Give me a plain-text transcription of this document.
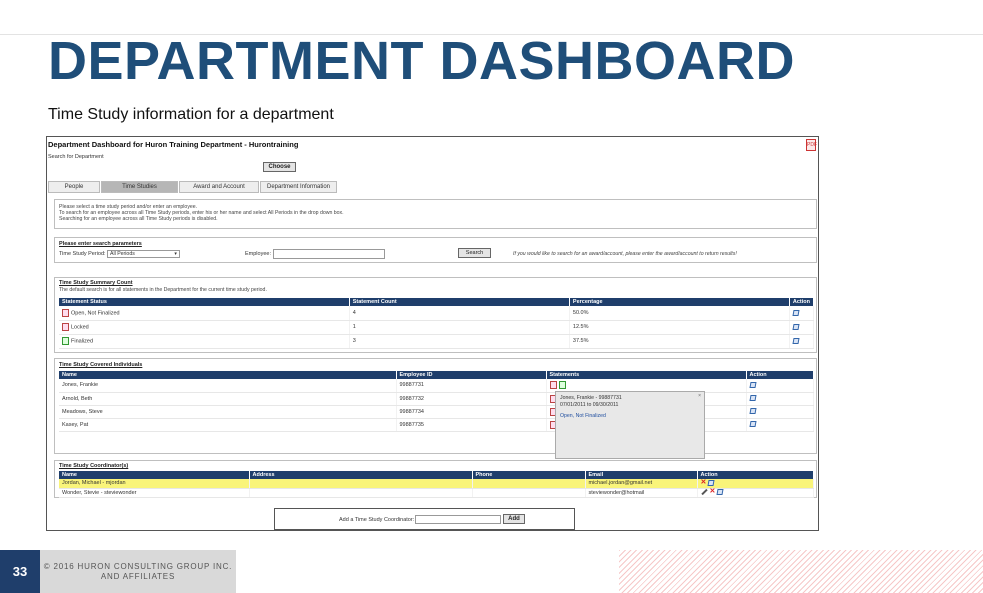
DEPARTMENT DASHBOARD
Time Study information for a department
PDF
Department Dashboard for Huron Training Department - Hurontraining
Search for Department
Choose
People	Time Studies	Award and Account	Department Information
Please select a time study period and/or enter an employee.
To search for an employee across all Time Study periods, enter his or her name and select All Periods in the drop down box.
Searching for an employee across all Time Study periods is disabled.
Please enter search parameters
Time Study Period: All Periods	▾	Employee:	Search	If you would like to search for an award/account, please enter the award/account to return results!
Time Study Summary Count
The default search is for all statements in the Department for the current time study period.
Statement Status	Statement Count	Percentage	Action
Open, Not Finalized	4	50.0%	
Locked	1	12.5%	
Finalized	3	37.5%	
Time Study Covered Individuals
Name	Employee ID	Statements	Action
Jones, Frankie	99887731		
Arnold, Beth	99887732		
Meadows, Steve	99887734		
Kasey, Pat	99887735		
×
Jones, Frankie - 99887731
07/01/2011 to 09/30/2011
Open, Not Finalized
Time Study Coordinator(s)
Name	Address	Phone	Email	Action
Jordan, Michael - mjordan			michael.jordan@gmail.net	✕
Wonder, Stevie - steviewonder			steviewonder@hotmail	✕
Add a Time Study Coordinator:	Add
33	© 2016 HURON CONSULTING GROUP INC.
AND AFFILIATES
